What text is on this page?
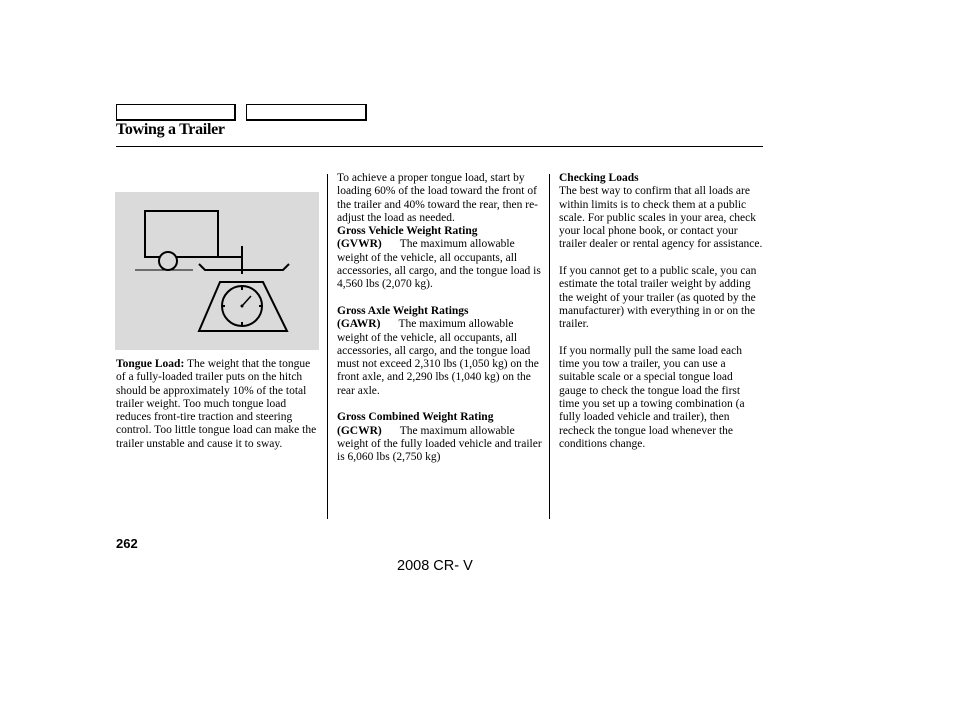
Towing a Trailer

Tongue Load: The weight that the tongue of a fully-loaded trailer puts on the hitch should be approximately 10% of the total trailer weight. Too much tongue load reduces front-tire traction and steering control. Too little tongue load can make the trailer unstable and cause it to sway.

To achieve a proper tongue load, start by loading 60% of the load toward the front of the trailer and 40% toward the rear, then re-adjust the load as needed.

Gross Vehicle Weight Rating

(GVWR) The maximum allowable weight of the vehicle, all occupants, all accessories, all cargo, and the tongue load is 4,560 lbs (2,070 kg).

Gross Axle Weight Ratings

(GAWR) The maximum allowable weight of the vehicle, all occupants, all accessories, all cargo, and the tongue load must not exceed 2,310 lbs (1,050 kg) on the front axle, and 2,290 lbs (1,040 kg) on the rear axle.

Gross Combined Weight Rating

(GCWR) The maximum allowable weight of the fully loaded vehicle and trailer is 6,060 lbs (2,750 kg)

Checking Loads

The best way to confirm that all loads are within limits is to check them at a public scale. For public scales in your area, check your local phone book, or contact your trailer dealer or rental agency for assistance.

If you cannot get to a public scale, you can estimate the total trailer weight by adding the weight of your trailer (as quoted by the manufacturer) with everything in or on the trailer.

If you normally pull the same load each time you tow a trailer, you can use a suitable scale or a special tongue load gauge to check the tongue load the first time you set up a towing combination (a fully loaded vehicle and trailer), then recheck the tongue load whenever the conditions change.

262
2008 CR- V
